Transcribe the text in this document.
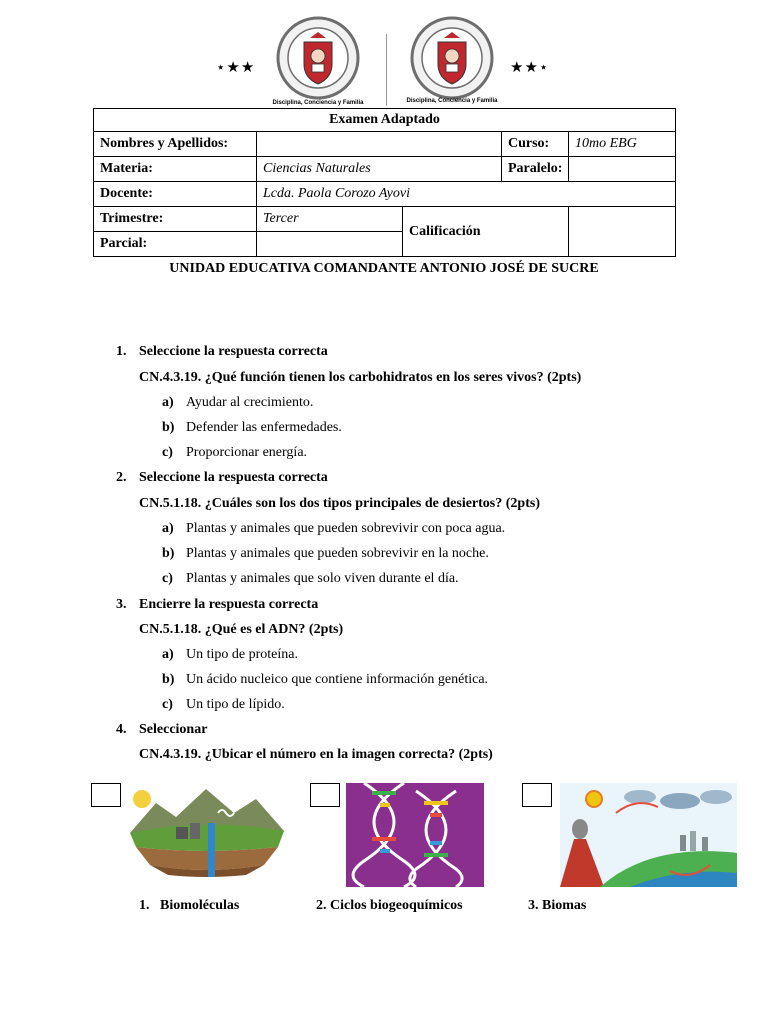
⋆★★
Disciplina, Conciencia y Familia	Disciplina, Conciencia y Familia
★★⋆
Examen Adaptado				
Nombres y Apellidos:			Curso:	10mo EBG
Materia:	Ciencias Naturales		Paralelo:	
Docente:	Lcda. Paola Corozo Ayovi			
Trimestre:	Tercer	Calificación		
Parcial:				
UNIDAD EDUCATIVA COMANDANTE ANTONIO JOSÉ DE SUCRE
1. Seleccione la respuesta correcta
CN.4.3.19. ¿Qué función tienen los carbohidratos en los seres vivos? (2pts)
a) Ayudar al crecimiento.
b) Defender las enfermedades.
c) Proporcionar energía.
2. Seleccione la respuesta correcta
CN.5.1.18. ¿Cuáles son los dos tipos principales de desiertos? (2pts)
a) Plantas y animales que pueden sobrevivir con poca agua.
b) Plantas y animales que pueden sobrevivir en la noche.
c) Plantas y animales que solo viven durante el día.
3. Encierre la respuesta correcta
CN.5.1.18. ¿Qué es el ADN? (2pts)
a) Un tipo de proteína.
b) Un ácido nucleico que contiene información genética.
c) Un tipo de lípido.
4. Seleccionar
CN.4.3.19. ¿Ubicar el número en la imagen correcta? (2pts)
1. Biomoléculas	2. Ciclos biogeoquímicos	3. Biomas
